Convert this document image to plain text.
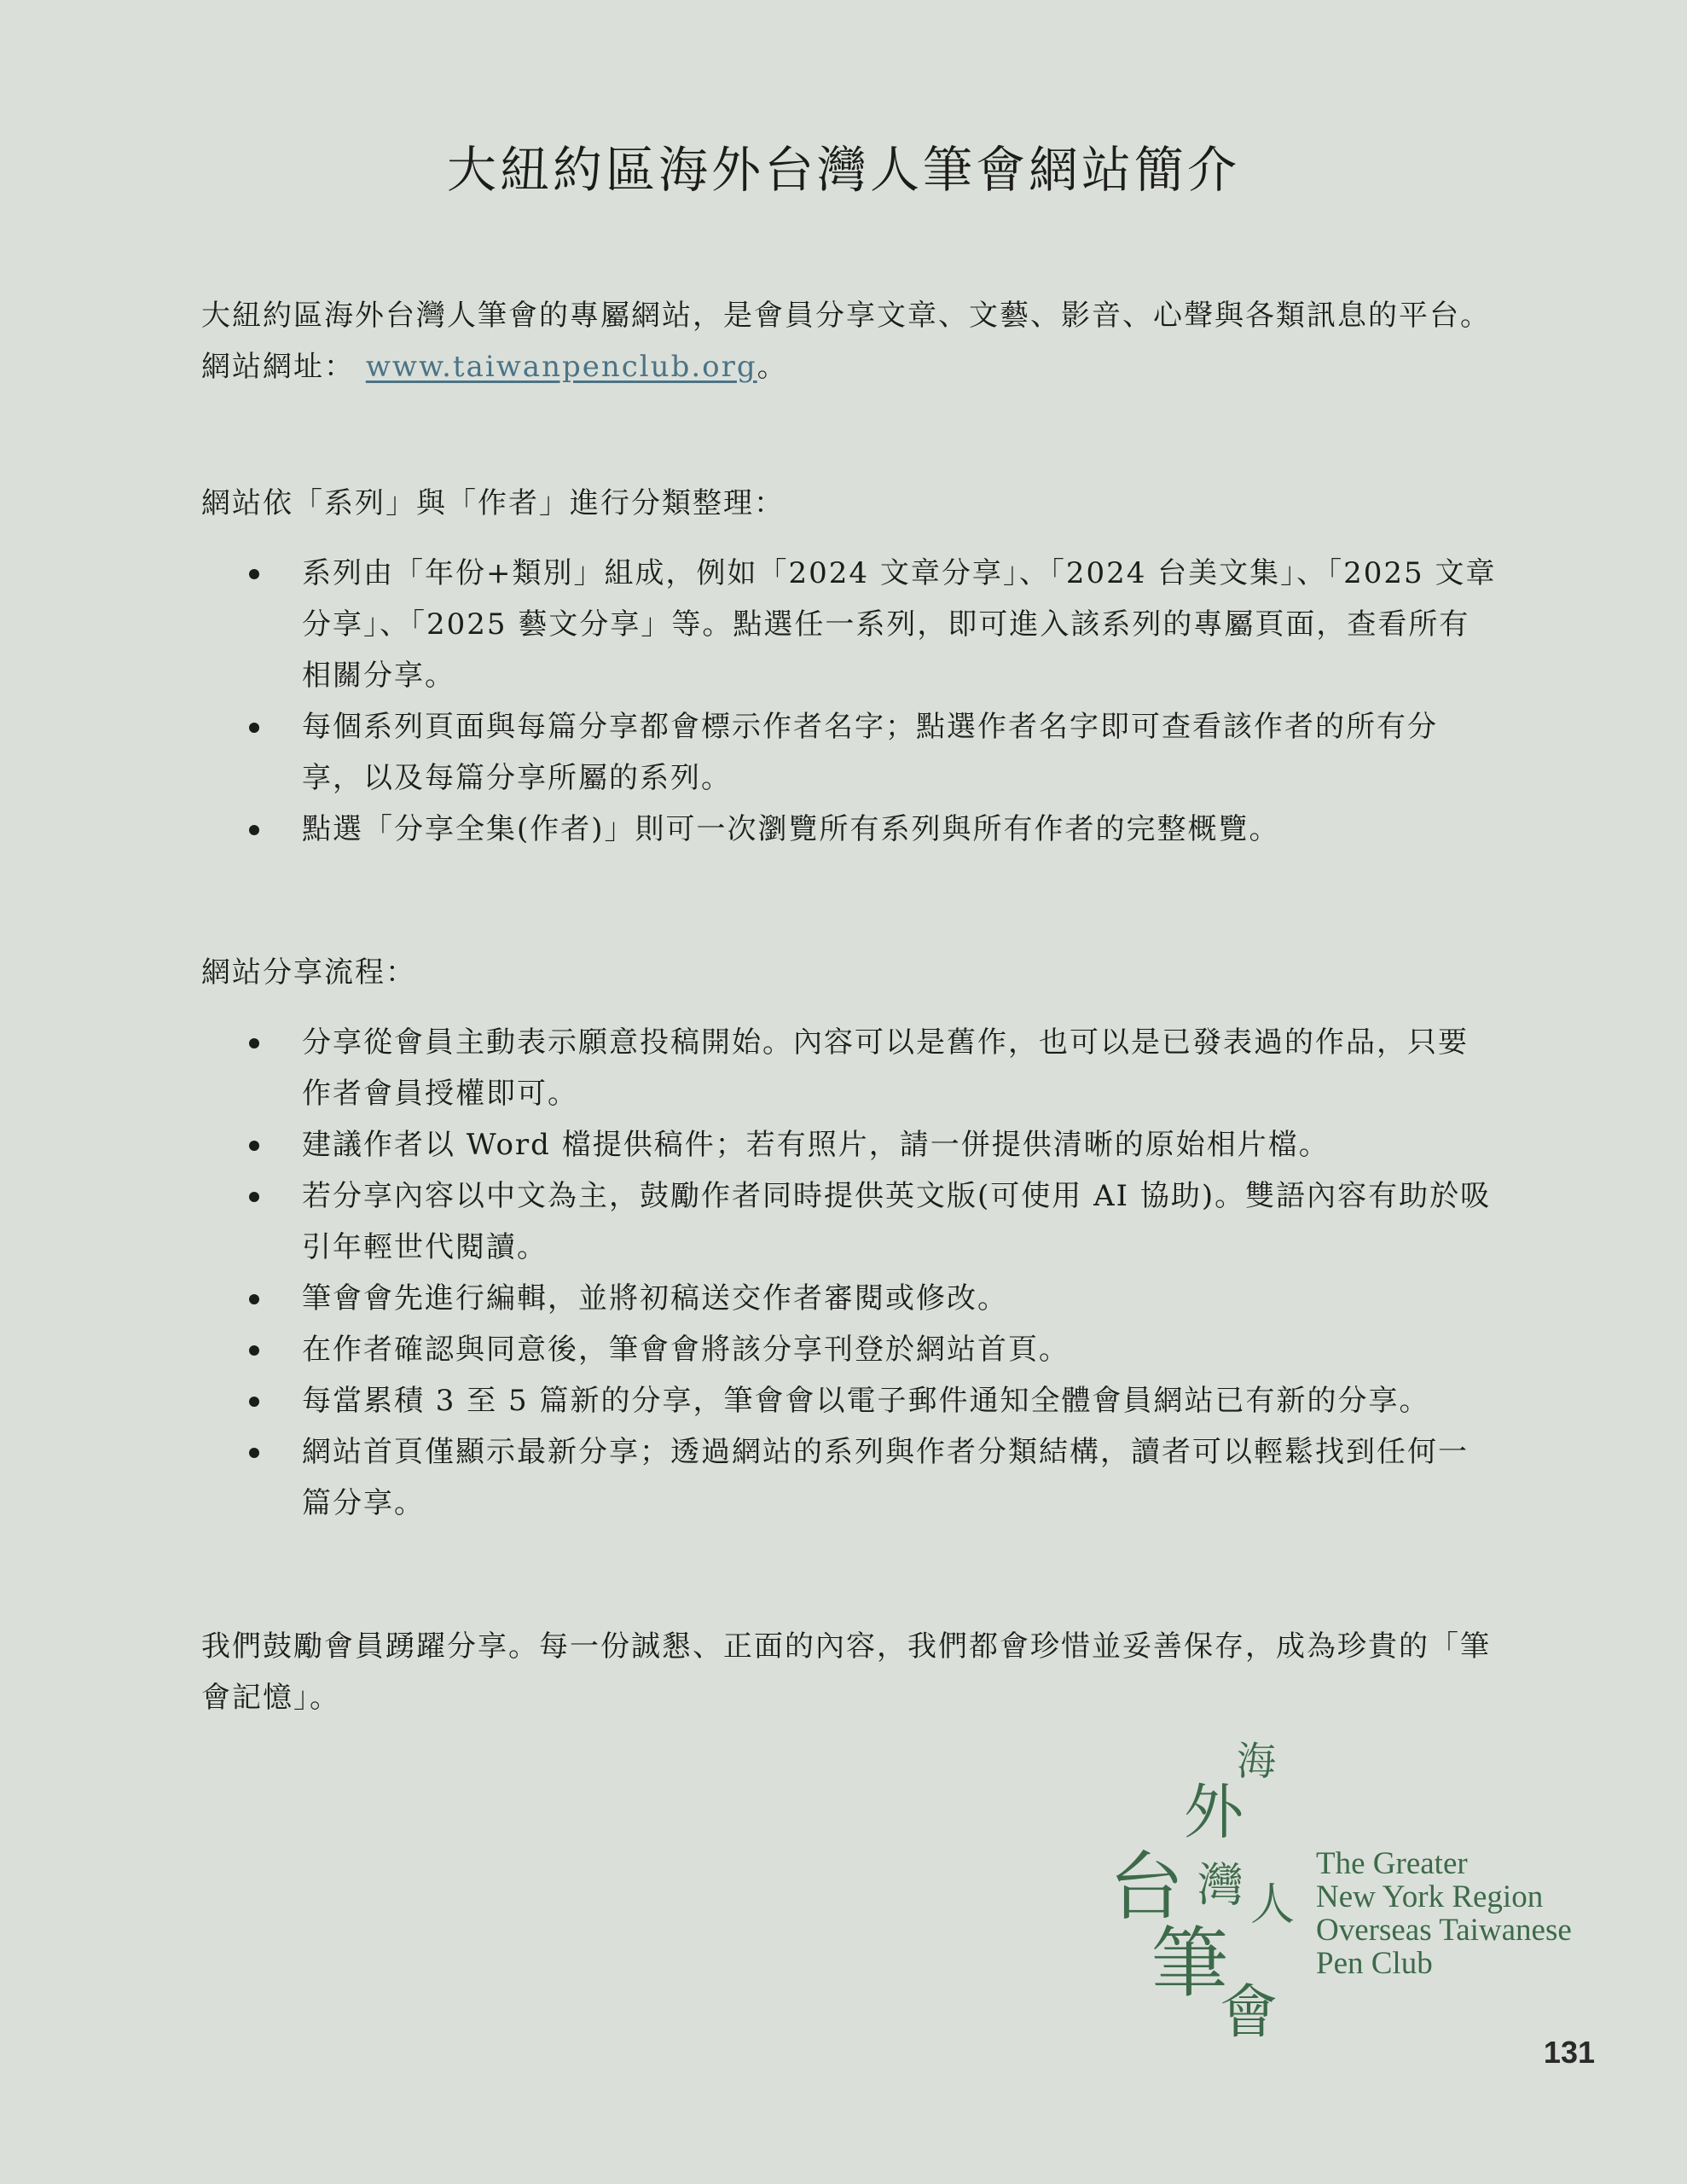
大紐約區海外台灣人筆會網站簡介

大紐約區海外台灣人筆會的專屬網站，是會員分享文章、文藝、影音、心聲與各類訊息的平台。網站網址： www.taiwanpenclub.org。

網站依「系列」與「作者」進行分類整理：

系列由「年份+類別」組成，例如「2024 文章分享」、「2024 台美文集」、「2025 文章分享」、「2025 藝文分享」等。點選任一系列，即可進入該系列的專屬頁面，查看所有相關分享。
每個系列頁面與每篇分享都會標示作者名字；點選作者名字即可查看該作者的所有分享，以及每篇分享所屬的系列。
點選「分享全集(作者)」則可一次瀏覽所有系列與所有作者的完整概覽。

網站分享流程：

分享從會員主動表示願意投稿開始。內容可以是舊作，也可以是已發表過的作品，只要作者會員授權即可。
建議作者以 Word 檔提供稿件；若有照片，請一併提供清晰的原始相片檔。
若分享內容以中文為主，鼓勵作者同時提供英文版(可使用 AI 協助)。雙語內容有助於吸引年輕世代閱讀。
筆會會先進行編輯，並將初稿送交作者審閱或修改。
在作者確認與同意後，筆會會將該分享刊登於網站首頁。
每當累積 3 至 5 篇新的分享，筆會會以電子郵件通知全體會員網站已有新的分享。
網站首頁僅顯示最新分享；透過網站的系列與作者分類結構，讀者可以輕鬆找到任何一篇分享。

我們鼓勵會員踴躍分享。每一份誠懇、正面的內容，我們都會珍惜並妥善保存，成為珍貴的「筆會記憶」。

海
外
台 灣 人
筆
會
The Greater
New York Region
Overseas Taiwanese
Pen Club
131
